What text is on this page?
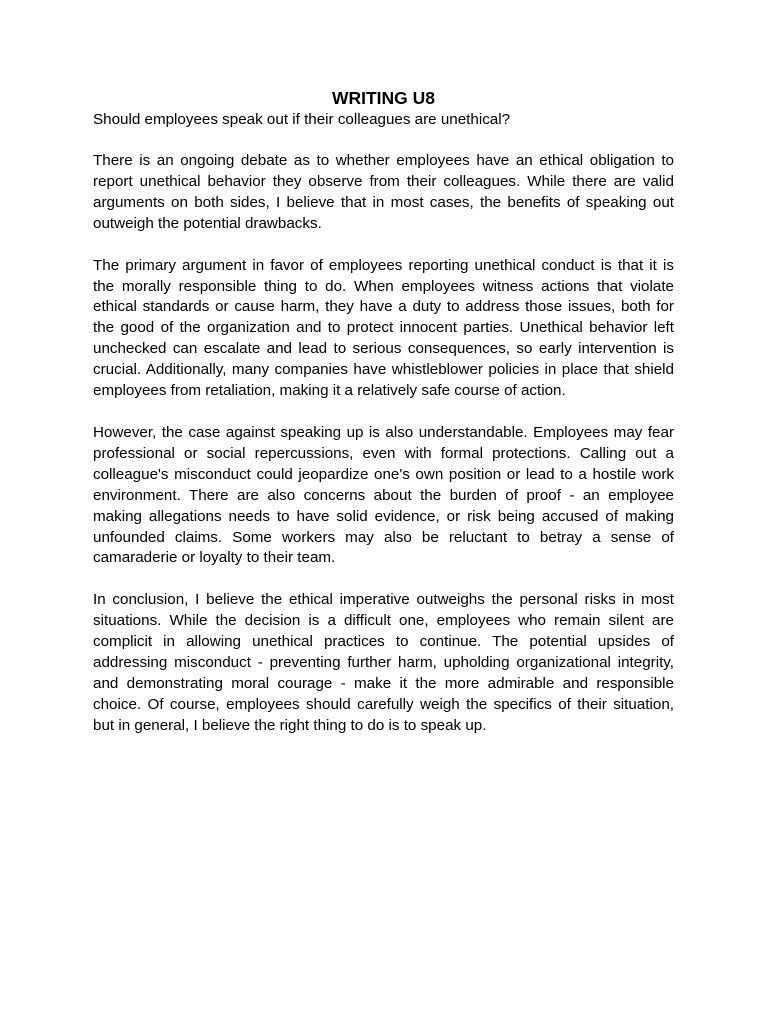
WRITING U8

Should employees speak out if their colleagues are unethical?

There is an ongoing debate as to whether employees have an ethical obligation to report unethical behavior they observe from their colleagues. While there are valid arguments on both sides, I believe that in most cases, the benefits of speaking out outweigh the potential drawbacks.

The primary argument in favor of employees reporting unethical conduct is that it is the morally responsible thing to do. When employees witness actions that violate ethical standards or cause harm, they have a duty to address those issues, both for the good of the organization and to protect innocent parties. Unethical behavior left unchecked can escalate and lead to serious consequences, so early intervention is crucial. Additionally, many companies have whistleblower policies in place that shield employees from retaliation, making it a relatively safe course of action.

However, the case against speaking up is also understandable. Employees may fear professional or social repercussions, even with formal protections. Calling out a colleague's misconduct could jeopardize one's own position or lead to a hostile work environment. There are also concerns about the burden of proof - an employee making allegations needs to have solid evidence, or risk being accused of making unfounded claims. Some workers may also be reluctant to betray a sense of camaraderie or loyalty to their team.

In conclusion, I believe the ethical imperative outweighs the personal risks in most situations. While the decision is a difficult one, employees who remain silent are complicit in allowing unethical practices to continue. The potential upsides of addressing misconduct - preventing further harm, upholding organizational integrity, and demonstrating moral courage - make it the more admirable and responsible choice. Of course, employees should carefully weigh the specifics of their situation, but in general, I believe the right thing to do is to speak up.
